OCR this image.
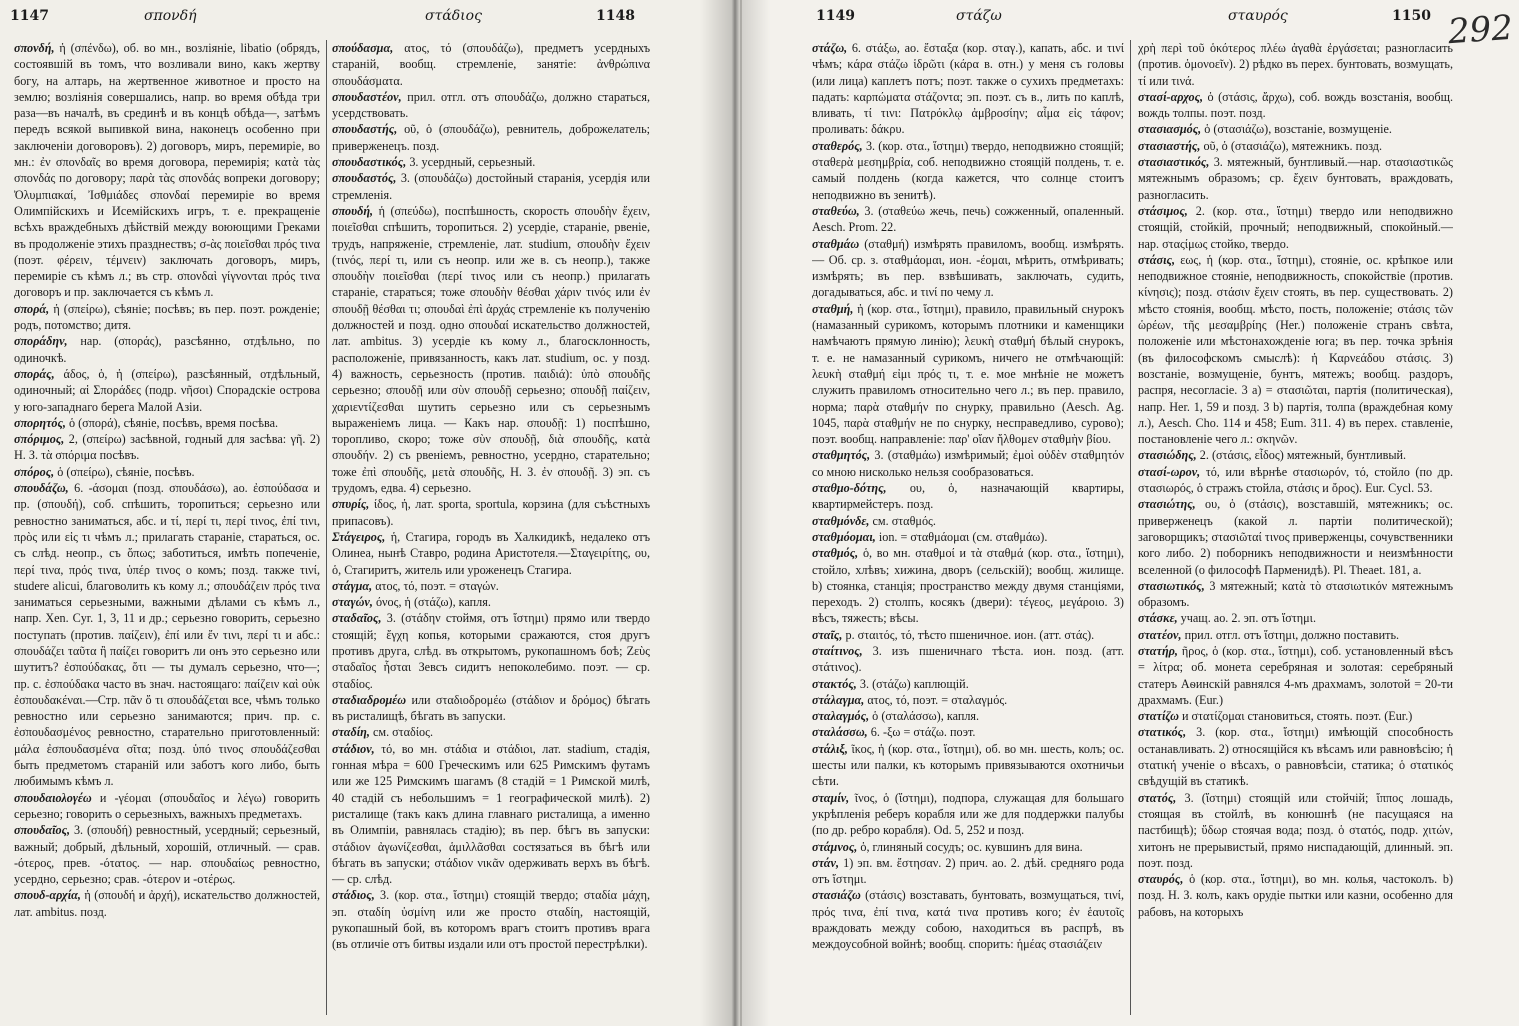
1147	σπονδή	στάδιος	1148

σπονδή, ἡ (σπένδω), об. во мн., возліяніе, libatio (обрядъ, состоявшій въ томъ, что возливали вино, какъ жертву богу, на алтарь, на жертвенное животное и просто на землю; возліянія совершались, напр. во время обѣда три раза—въ началѣ, въ срединѣ и въ концѣ обѣда—, затѣмъ передъ всякой выпивкой вина, наконецъ особенно при заключеніи договоровъ). 2) договоръ, миръ, перемиріе, во мн.: ἐν σπονδαῖς во время договора, перемирія; κατὰ τὰς σπονδάς по договору; παρὰ τὰς σπονδάς вопреки договору; Ὀλυμπιακαί, Ἰσθμιάδες σπονδαί перемиріе во время Олимпійскихъ и Исемійскихъ игръ, т. е. прекращеніе всѣхъ враждебныхъ дѣйствій между воюющими Греками въ продолженіе этихъ празднествъ; σ-ὰς ποιεῖσθαι πρός τινα (поэт. φέρειν, τέμνειν) заключать договоръ, миръ, перемиріе съ кѣмъ л.; въ стр. σπονδαὶ γίγνονται πρός τινα договоръ и пр. заключается съ кѣмъ л.

σπορά, ἡ (σπείρω), сѣяніе; посѣвъ; въ пер. поэт. рожденіе; родъ, потомство; дитя.

σποράδην, нар. (σποράς), разсѣянно, отдѣльно, по одиночкѣ.

σποράς, άδος, ὁ, ἡ (σπείρω), разсѣянный, отдѣльный, одиночный; αἱ Σποράδες (подр. νῆσοι) Спорадскіе острова у юго-западнаго берега Малой Азіи.

σπορητός, ὁ (σπορά), сѣяніе, посѣвъ, время посѣва.

σπόριμος, 2, (σπείρω) засѣвной, годный для засѣва: γῆ. 2) Н. З. τὰ σπόριμα посѣвъ.

σπόρος, ὁ (σπείρω), сѣяніе, посѣвъ.

σπουδάζω, 6. -άσομαι (позд. σπουδάσω), ао. ἐσπούδασα и пр. (σπουδή), соб. спѣшить, торопиться; серьезно или ревностно заниматься, абс. и τί, περί τι, περί τινος, ἐπί τινι, πρὸς или εἰς τι чѣмъ л.; прилагать стараніе, стараться, ос. съ слѣд. неопр., съ ὅπως; заботиться, имѣть попеченіе, περί τινα, πρός τινα, ὑπέρ τινος о комъ; позд. также τινί, studere alicui, благоволить къ кому л.; σπουδάζειν πρός τινα заниматься серьезными, важными дѣлами съ кѣмъ л., напр. Xen. Cyr. 1, 3, 11 и др.; серьезно говорить, серьезно поступать (против. παίζειν), ἐπί или ἔν τινι, περί τι и абс.: σπουδάζει ταῦτα ἢ παίζει говоритъ ли онъ это серьезно или шутитъ? ἐσπούδακας, ὅτι — ты думалъ серьезно, что—; пр. с. ἐσπούδακα часто въ знач. настоящаго: παίζειν καὶ οὐκ ἐσπουδακέναι.—Стр. πᾶν ὅ τι σπουδάζεται все, чѣмъ только ревностно или серьезно занимаются; прич. пр. с. ἐσπουδασμένος ревностно, старательно приготовленный: μάλα ἐσπουδασμένα σῖτα; позд. ὑπό τινος σπουδάζεσθαι быть предметомъ стараній или заботъ кого либо, быть любимымъ кѣмъ л.

σπουδαιολογέω и -γέομαι (σπουδαῖος и λέγω) говорить серьезно; говорить о серьезныхъ, важныхъ предметахъ.

σπουδαῖος, 3. (σπουδή) ревностный, усердный; серьезный, важный; добрый, дѣльный, хорошій, отличный. — срав. -ότερος, прев. -ότατος. — нар. σπουδαίως ревностно, усердно, серьезно; срав. -ότερον и -οτέρως.

σπουδ-αρχία, ἡ (σπουδή и ἀρχή), искательство должностей, лат. ambitus. позд.

σπούδασμα, ατος, τό (σπουδάζω), предметъ усердныхъ стараній, вообщ. стремленіе, занятіе: ἀνθρώπινα σπουδάσματα.

σπουδαστέον, прил. отгл. отъ σπουδάζω, должно стараться, усердствовать.

σπουδαστής, οῦ, ὁ (σπουδάζω), ревнитель, доброжелатель; приверженецъ. позд.

σπουδαστικός, 3. усердный, серьезный.

σπουδαστός, 3. (σπουδάζω) достойный старанія, усердія или стремленія.

σπουδή, ἡ (σπεύδω), поспѣшность, скорость σπουδὴν ἔχειν, ποιεῖσθαι спѣшить, торопиться. 2) усердіе, стараніе, рвеніе, трудъ, напряженіе, стремленіе, лат. studium, σπουδὴν ἔχειν (τινός, περί τι, или съ неопр. или же в. съ неопр.), также σπουδὴν ποιεῖσθαι (περί τινος или съ неопр.) прилагать стараніе, стараться; тоже σπουδὴν θέσθαι χάριν τινός или ἐν σπουδῇ θέσθαι τι; σπουδαὶ ἐπὶ ἀρχάς стремленіе къ полученію должностей и позд. одно σπουδαί искательство должностей, лат. ambitus. 3) усердіе къ кому л., благосклонность, расположеніе, привязанность, какъ лат. studium, ос. у позд. 4) важность, серьезность (против. παιδιά): ὑπὸ σπουδῆς серьезно; σπουδῇ или σὺν σπουδῇ серьезно; σπουδῇ παίζειν, χαριεντίζεσθαι шутить серьезно или съ серьезнымъ выраженіемъ лица. — Какъ нар. σπουδῇ: 1) поспѣшно, торопливо, скоро; тоже σὺν σπουδῇ, διὰ σπουδῆς, κατὰ σπουδήν. 2) съ рвеніемъ, ревностно, усердно, старательно; тоже ἐπὶ σπουδῆς, μετὰ σπουδῆς, Н. З. ἐν σπουδῇ. 3) эп. съ трудомъ, едва. 4) серьезно.

σπυρίς, ίδος, ἡ, лат. sporta, sportula, корзина (для съѣстныхъ припасовъ).

Στάγειρος, ἡ, Стагира, городъ въ Халкидикѣ, недалеко отъ Олинеа, нынѣ Ставро, родина Аристотеля.—Σταγειρίτης, ου, ὁ, Стагиритъ, житель или уроженецъ Стагира.

στάγμα, ατος, τό, поэт. = σταγών.

σταγών, όνος, ἡ (στάζω), капля.

σταδαῖος, 3. (στάδην стоймя, отъ ἵστημι) прямо или твердо стоящій; ἔγχη копья, которыми сражаются, стоя другъ противъ друга, слѣд. въ открытомъ, рукопашномъ боѣ; Ζεὺς σταδαῖος ἧσται Зевсъ сидитъ непоколебимо. поэт. — ср. σταδίος.

σταδιαδρομέω или σταδιοδρομέω (στάδιον и δρόμος) бѣгать въ ристалищѣ, бѣгать въ запуски.

σταδίη, см. σταδίος.

στάδιον, τό, во мн. στάδια и στάδιοι, лат. stadium, стадія, гонная мѣра = 600 Греческимъ или 625 Римскимъ футамъ или же 125 Римскимъ шагамъ (8 стадій = 1 Римской милѣ, 40 стадій съ небольшимъ = 1 географической милѣ). 2) ристалище (такъ какъ длина главнаго ристалища, а именно въ Олимпіи, равнялась стадію); въ пер. бѣгъ въ запуски: στάδιον ἀγωνίζεσθαι, ἁμιλλᾶσθαι состязаться въ бѣгѣ или бѣгать въ запуски; στάδιον νικᾶν одерживать верхъ въ бѣгѣ. — ср. слѣд.

στάδιος, 3. (кор. στα., ἵστημι) стоящій твердо; σταδία μάχη, эп. σταδίη ὑσμίνη или же просто σταδίη, настоящій, рукопашный бой, въ которомъ врагъ стоитъ противъ врага (въ отличіе отъ битвы издали или отъ простой перестрѣлки).

1149	στάζω	σταυρός	1150 292

στάζω, 6. στάξω, ао. ἔσταξα (кор. σταγ.), капать, абс. и τινί чѣмъ; κάρα στάζω ἱδρῶτι (κάρα в. отн.) у меня съ головы (или лица) каплетъ потъ; поэт. также о сухихъ предметахъ: падать: καρπώματα στάζοντα; эп. поэт. съ в., лить по каплѣ, вливать, τί τινι: Πατρόκλῳ ἀμβροσίην; αἷμα εἰς τάφον; проливать: δάκρυ.

σταθερός, 3. (кор. στα., ἵστημι) твердо, неподвижно стоящій; σταθερὰ μεσημβρία, соб. неподвижно стоящій полдень, т. е. самый полдень (когда кажется, что солнце стоитъ неподвижно въ зенитѣ).

σταθεύω, 3. (σταθεύω жечь, печь) сожженный, опаленный. Aesch. Prom. 22.

σταθμάω (σταθμή) измѣрять правиломъ, вообщ. измѣрять. — Об. ср. з. σταθμάομαι, ион. -έομαι, мѣрить, отмѣривать; измѣрять; въ пер. взвѣшивать, заключать, судить, догадываться, абс. и τινί по чему л.

σταθμή, ἡ (кор. στα., ἵστημι), правило, правильный снурокъ (намазанный сурикомъ, которымъ плотники и каменщики намѣчаютъ прямую линію); λευκὴ σταθμή бѣлый снурокъ, т. е. не намазанный сурикомъ, ничего не отмѣчающій: λευκὴ σταθμή εἰμι πρός τι, т. е. мое мнѣніе не можетъ служить правиломъ относительно чего л.; въ пер. правило, норма; παρὰ σταθμήν по снурку, правильно (Aesch. Ag. 1045, παρὰ σταθμήν не по снурку, несправедливо, сурово); поэт. вообщ. направленіе: παρ' οἴαν ἤλθομεν σταθμὴν βίου.

σταθμητός, 3. (σταθμάω) измѣримый; ἐμοὶ οὐδὲν σταθμητόν со мною нисколько нельзя сообразоваться.

σταθμο-δότης, ου, ὁ, назначающій квартиры, квартирмейстеръ. позд.

σταθμόνδε, см. σταθμός.

σταθμόομαι, ion. = σταθμάομαι (см. σταθμάω).

σταθμός, ὁ, во мн. σταθμοί и τὰ σταθμά (кор. στα., ἵστημι), стойло, хлѣвъ; хижина, дворъ (сельскій); вообщ. жилище. b) стоянка, станція; пространство между двумя станціями, переходъ. 2) столпъ, косякъ (двери): τέγεος, μεγάροιο. 3) вѣсъ, тяжесть; вѣсы.

σταῖς, р. σταιτός, τό, тѣсто пшеничное. ион. (атт. στάς).

σταίτινος, 3. изъ пшеничнаго тѣста. ион. позд. (атт. στάτινος).

στακτός, 3. (στάζω) каплющій.

στάλαγμα, ατος, τό, поэт. = σταλαγμός.

σταλαγμός, ὁ (σταλάσσω), капля.

σταλάσσω, 6. -ξω = στάζω. поэт.

στάλιξ, ῖκος, ἡ (кор. στα., ἵστημι), об. во мн. шесть, колъ; ос. шесты или палки, къ которымъ привязываются охотничьи сѣти.

σταμίν, ῖνος, ὁ (ἵστημι), подпора, служащая для большаго укрѣпленія реберъ корабля или же для поддержки палубы (по др. ребро корабля). Od. 5, 252 и позд.

στάμνος, ὁ, глиняный сосудъ; ос. кувшинъ для вина.

στάν, 1) эп. вм. ἔστησαν. 2) прич. ао. 2. дѣй. средняго рода отъ ἵστημι.

στασιάζω (στάσις) возставать, бунтовать, возмущаться, τινί, πρός τινα, ἐπί τινα, κατά τινα противъ кого; ἐν ἑαυτοῖς враждовать между собою, находиться въ распрѣ, въ междоусобной войнѣ; вообщ. спорить: ἡμέας στασιάζειν

χρὴ περὶ τοῦ ὁκότερος πλέω ἀγαθὰ ἐργάσεται; разногласить (против. ὁμονοεῖν). 2) рѣдко въ перех. бунтовать, возмущать, τί или τινά.

στασί-αρχος, ὁ (στάσις, ἄρχω), соб. вождь возстанія, вообщ. вождь толпы. поэт. позд.

στασιασμός, ὁ (στασιάζω), возстаніе, возмущеніе.

στασιαστής, οῦ, ὁ (στασιάζω), мятежникъ. позд.

στασιαστικός, 3. мятежный, бунтливый.—нар. στασιαστικῶς мятежнымъ образомъ; ср. ἔχειν бунтовать, враждовать, разногласить.

στάσιμος, 2. (кор. στα., ἵστημι) твердо или неподвижно стоящій, стойкій, прочный; неподвижный, спокойный.—нар. σταςίμως стойко, твердо.

στάσις, εως, ἡ (кор. στα., ἵστημι), стояніе, ос. крѣпкое или неподвижное стояніе, неподвижность, спокойствіе (против. κίνησις); позд. στάσιν ἔχειν стоять, въ пер. существовать. 2) мѣсто стоянія, вообщ. мѣсто, пость, положеніе; στάσις τῶν ὡρέων, τῆς μεσαμβρίης (Her.) положеніе странъ свѣта, положеніе или мѣстонахожденіе юга; въ пер. точка зрѣнія (въ философскомъ смыслѣ): ἡ Καρνεάδου στάσις. 3) возстаніе, возмущеніе, бунтъ, мятежъ; вообщ. раздоръ, распря, несогласіе. 3 a) = στασιῶται, партія (политическая), напр. Her. 1, 59 и позд. 3 b) партія, толпа (враждебная кому л.), Aesch. Cho. 114 и 458; Eum. 311. 4) въ перех. ставленіе, постановленіе чего л.: σκηνῶν.

στασιώδης, 2. (στάσις, εἶδος) мятежный, бунтливый.

στασί-ωρον, τό, или вѣрнѣе στασιωρόν, τό, стойло (по др. στασιωρός, ὁ стражъ стойла, στάσις и ὄρος). Eur. Cycl. 53.

στασιώτης, ου, ὁ (στάσις), возставшій, мятежникъ; ос. приверженецъ (какой л. партіи политической); заговорщикъ; στασιῶταί τινος приверженцы, сочувственники кого либо. 2) поборникъ неподвижности и неизмѣнности вселенной (о философѣ Парменидѣ). Pl. Theaet. 181, a.

στασιωτικός, 3 мятежный; κατὰ τὸ στασιωτικόν мятежнымъ образомъ.

στάσκε, учащ. ао. 2. эп. отъ ἵστημι.

στατέον, прил. отгл. отъ ἵστημι, должно поставить.

στατήρ, ῆρος, ὁ (кор. στα., ἵστημι), соб. установленный вѣсъ = λίτρα; об. монета серебряная и золотая: серебряный статеръ Аѳинскій равнялся 4-мъ драхмамъ, золотой = 20-ти драхмамъ. (Eur.)

στατίζω и στατίζομαι становиться, стоять. поэт. (Eur.)

στατικός, 3. (кор. στα., ἵστημι) имѣющій способность останавливать. 2) относящійся къ вѣсамъ или равновѣсію; ἡ στατική ученіе о вѣсахъ, о равновѣсіи, статика; ὁ στατικός свѣдущій въ статикѣ.

στατός, 3. (ἵστημι) стоящій или стойчій; ἵππος лошадь, стоящая въ стойлѣ, въ конюшнѣ (не пасущаяся на пастбищѣ); ὕδωρ стоячая вода; позд. ὁ στατός, подр. χιτών, хитонъ не прерывистый, прямо ниспадающій, длинный. эп. поэт. позд.

σταυρός, ὁ (кор. στα., ἵστημι), во мн. колья, частоколъ. b) позд. Н. З. колъ, какъ орудіе пытки или казни, особенно для рабовъ, на которыхъ
